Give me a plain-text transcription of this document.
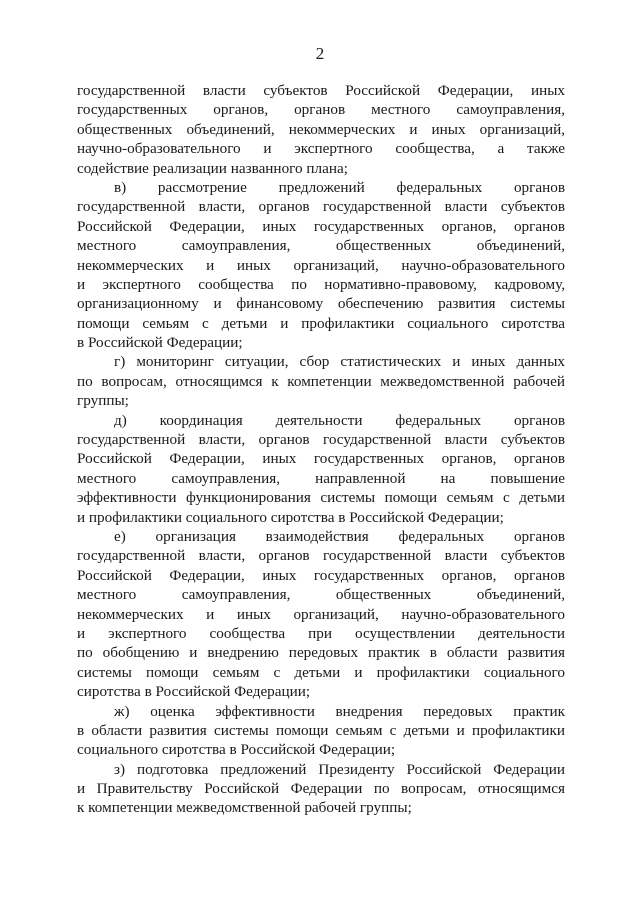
2

государственной власти субъектов Российской Федерации, иных
государственных органов, органов местного самоуправления,
общественных объединений, некоммерческих и иных организаций,
научно-образовательного и экспертного сообщества, а также
содействие реализации названного плана;

в) рассмотрение предложений федеральных органов
государственной власти, органов государственной власти субъектов
Российской Федерации, иных государственных органов, органов
местного самоуправления, общественных объединений,
некоммерческих и иных организаций, научно-образовательного
и экспертного сообщества по нормативно-правовому, кадровому,
организационному и финансовому обеспечению развития системы
помощи семьям с детьми и профилактики социального сиротства
в Российской Федерации;

г) мониторинг ситуации, сбор статистических и иных данных
по вопросам, относящимся к компетенции межведомственной рабочей
группы;

д) координация деятельности федеральных органов
государственной власти, органов государственной власти субъектов
Российской Федерации, иных государственных органов, органов
местного самоуправления, направленной на повышение
эффективности функционирования системы помощи семьям с детьми
и профилактики социального сиротства в Российской Федерации;

е) организация взаимодействия федеральных органов
государственной власти, органов государственной власти субъектов
Российской Федерации, иных государственных органов, органов
местного самоуправления, общественных объединений,
некоммерческих и иных организаций, научно-образовательного
и экспертного сообщества при осуществлении деятельности
по обобщению и внедрению передовых практик в области развития
системы помощи семьям с детьми и профилактики социального
сиротства в Российской Федерации;

ж) оценка эффективности внедрения передовых практик
в области развития системы помощи семьям с детьми и профилактики
социального сиротства в Российской Федерации;

з) подготовка предложений Президенту Российской Федерации
и Правительству Российской Федерации по вопросам, относящимся
к компетенции межведомственной рабочей группы;
